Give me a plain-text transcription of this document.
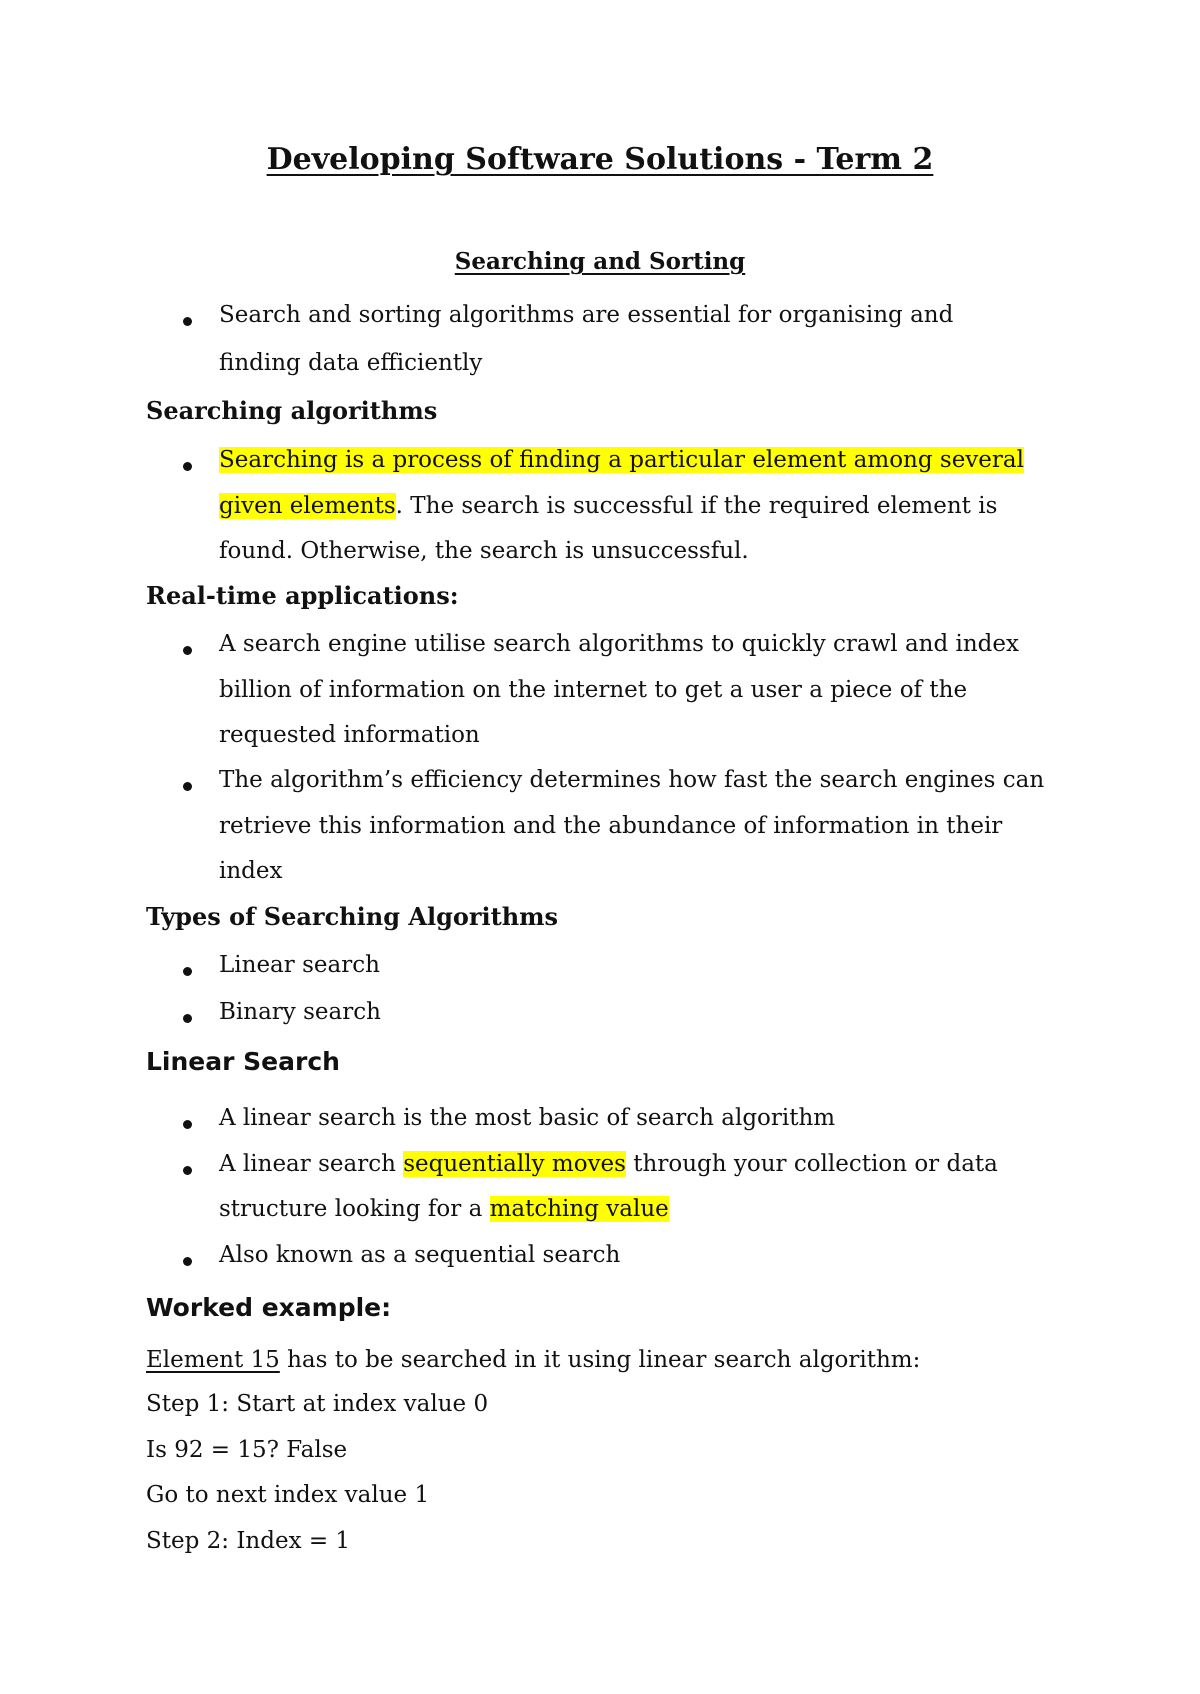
Developing Software Solutions - Term 2
Searching and Sorting
Search and sorting algorithms are essential for organising and
finding data efficiently
Searching algorithms
Searching is a process of finding a particular element among several
given elements. The search is successful if the required element is
found. Otherwise, the search is unsuccessful.
Real-time applications:
A search engine utilise search algorithms to quickly crawl and index
billion of information on the internet to get a user a piece of the
requested information
The algorithm’s efficiency determines how fast the search engines can
retrieve this information and the abundance of information in their
index
Types of Searching Algorithms
Linear search
Binary search
Linear Search
A linear search is the most basic of search algorithm
A linear search sequentially moves through your collection or data
structure looking for a matching value
Also known as a sequential search
Worked example:
Element 15 has to be searched in it using linear search algorithm:
Step 1: Start at index value 0
Is 92 = 15? False
Go to next index value 1
Step 2: Index = 1
